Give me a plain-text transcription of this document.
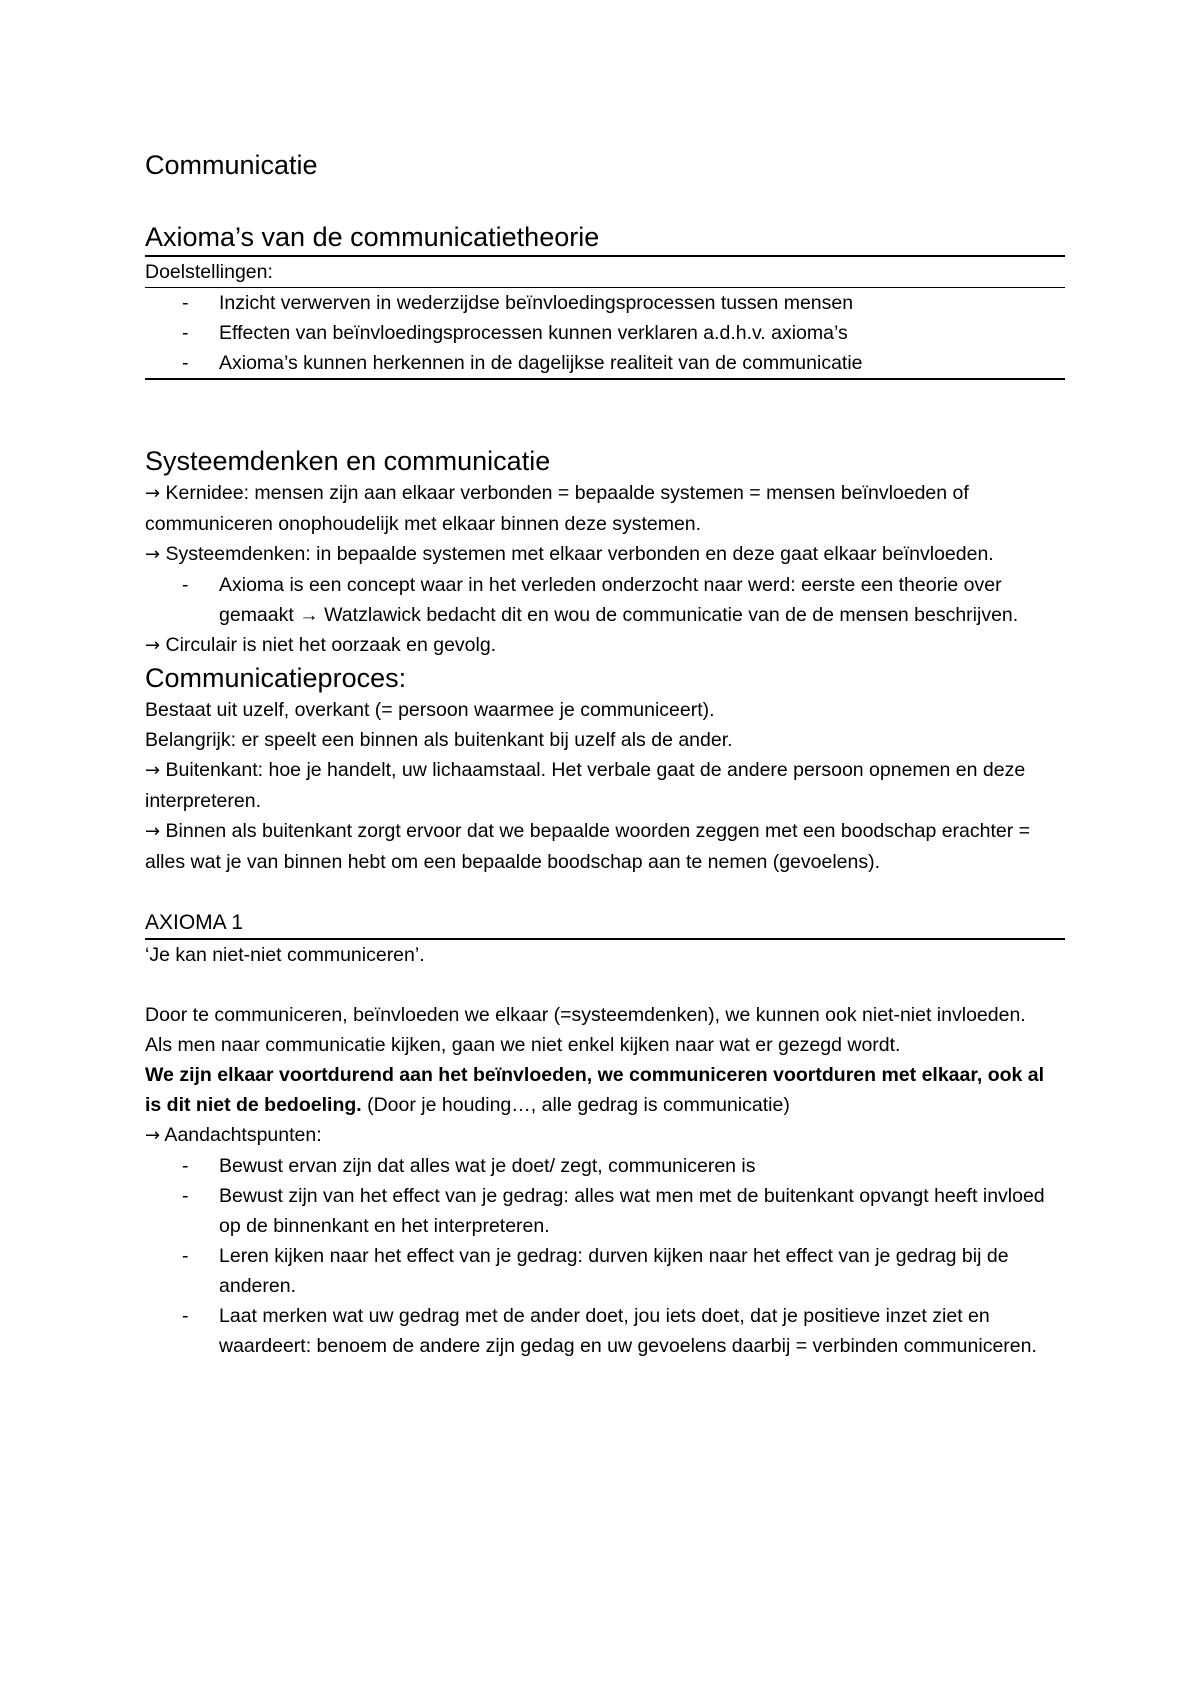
Communicatie
Axioma’s van de communicatietheorie

Doelstellingen:

- Inzicht verwerven in wederzijdse beïnvloedingsprocessen tussen mensen
- Effecten van beïnvloedingsprocessen kunnen verklaren a.d.h.v. axioma’s
- Axioma’s kunnen herkennen in de dagelijkse realiteit van de communicatie
Systeemdenken en communicatie

→ Kernidee: mensen zijn aan elkaar verbonden = bepaalde systemen = mensen beïnvloeden of communiceren onophoudelijk met elkaar binnen deze systemen.

→ Systeemdenken: in bepaalde systemen met elkaar verbonden en deze gaat elkaar beïnvloeden.

- Axioma is een concept waar in het verleden onderzocht naar werd: eerste een theorie over gemaakt → Watzlawick bedacht dit en wou de communicatie van de de mensen beschrijven.

→ Circulair is niet het oorzaak en gevolg.

Communicatieproces:

Bestaat uit uzelf, overkant (= persoon waarmee je communiceert).

Belangrijk: er speelt een binnen als buitenkant bij uzelf als de ander.

→ Buitenkant: hoe je handelt, uw lichaamstaal. Het verbale gaat de andere persoon opnemen en deze interpreteren.

→ Binnen als buitenkant zorgt ervoor dat we bepaalde woorden zeggen met een boodschap erachter = alles wat je van binnen hebt om een bepaalde boodschap aan te nemen (gevoelens).

AXIOMA 1

‘Je kan niet-niet communiceren’.

Door te communiceren, beïnvloeden we elkaar (=systeemdenken), we kunnen ook niet-niet invloeden.

Als men naar communicatie kijken, gaan we niet enkel kijken naar wat er gezegd wordt.

We zijn elkaar voortdurend aan het beïnvloeden, we communiceren voortduren met elkaar, ook al is dit niet de bedoeling. (Door je houding…, alle gedrag is communicatie)

→ Aandachtspunten:

- Bewust ervan zijn dat alles wat je doet/ zegt, communiceren is
- Bewust zijn van het effect van je gedrag: alles wat men met de buitenkant opvangt heeft invloed op de binnenkant en het interpreteren.
- Leren kijken naar het effect van je gedrag: durven kijken naar het effect van je gedrag bij de anderen.
- Laat merken wat uw gedrag met de ander doet, jou iets doet, dat je positieve inzet ziet en waardeert: benoem de andere zijn gedag en uw gevoelens daarbij = verbinden communiceren.
